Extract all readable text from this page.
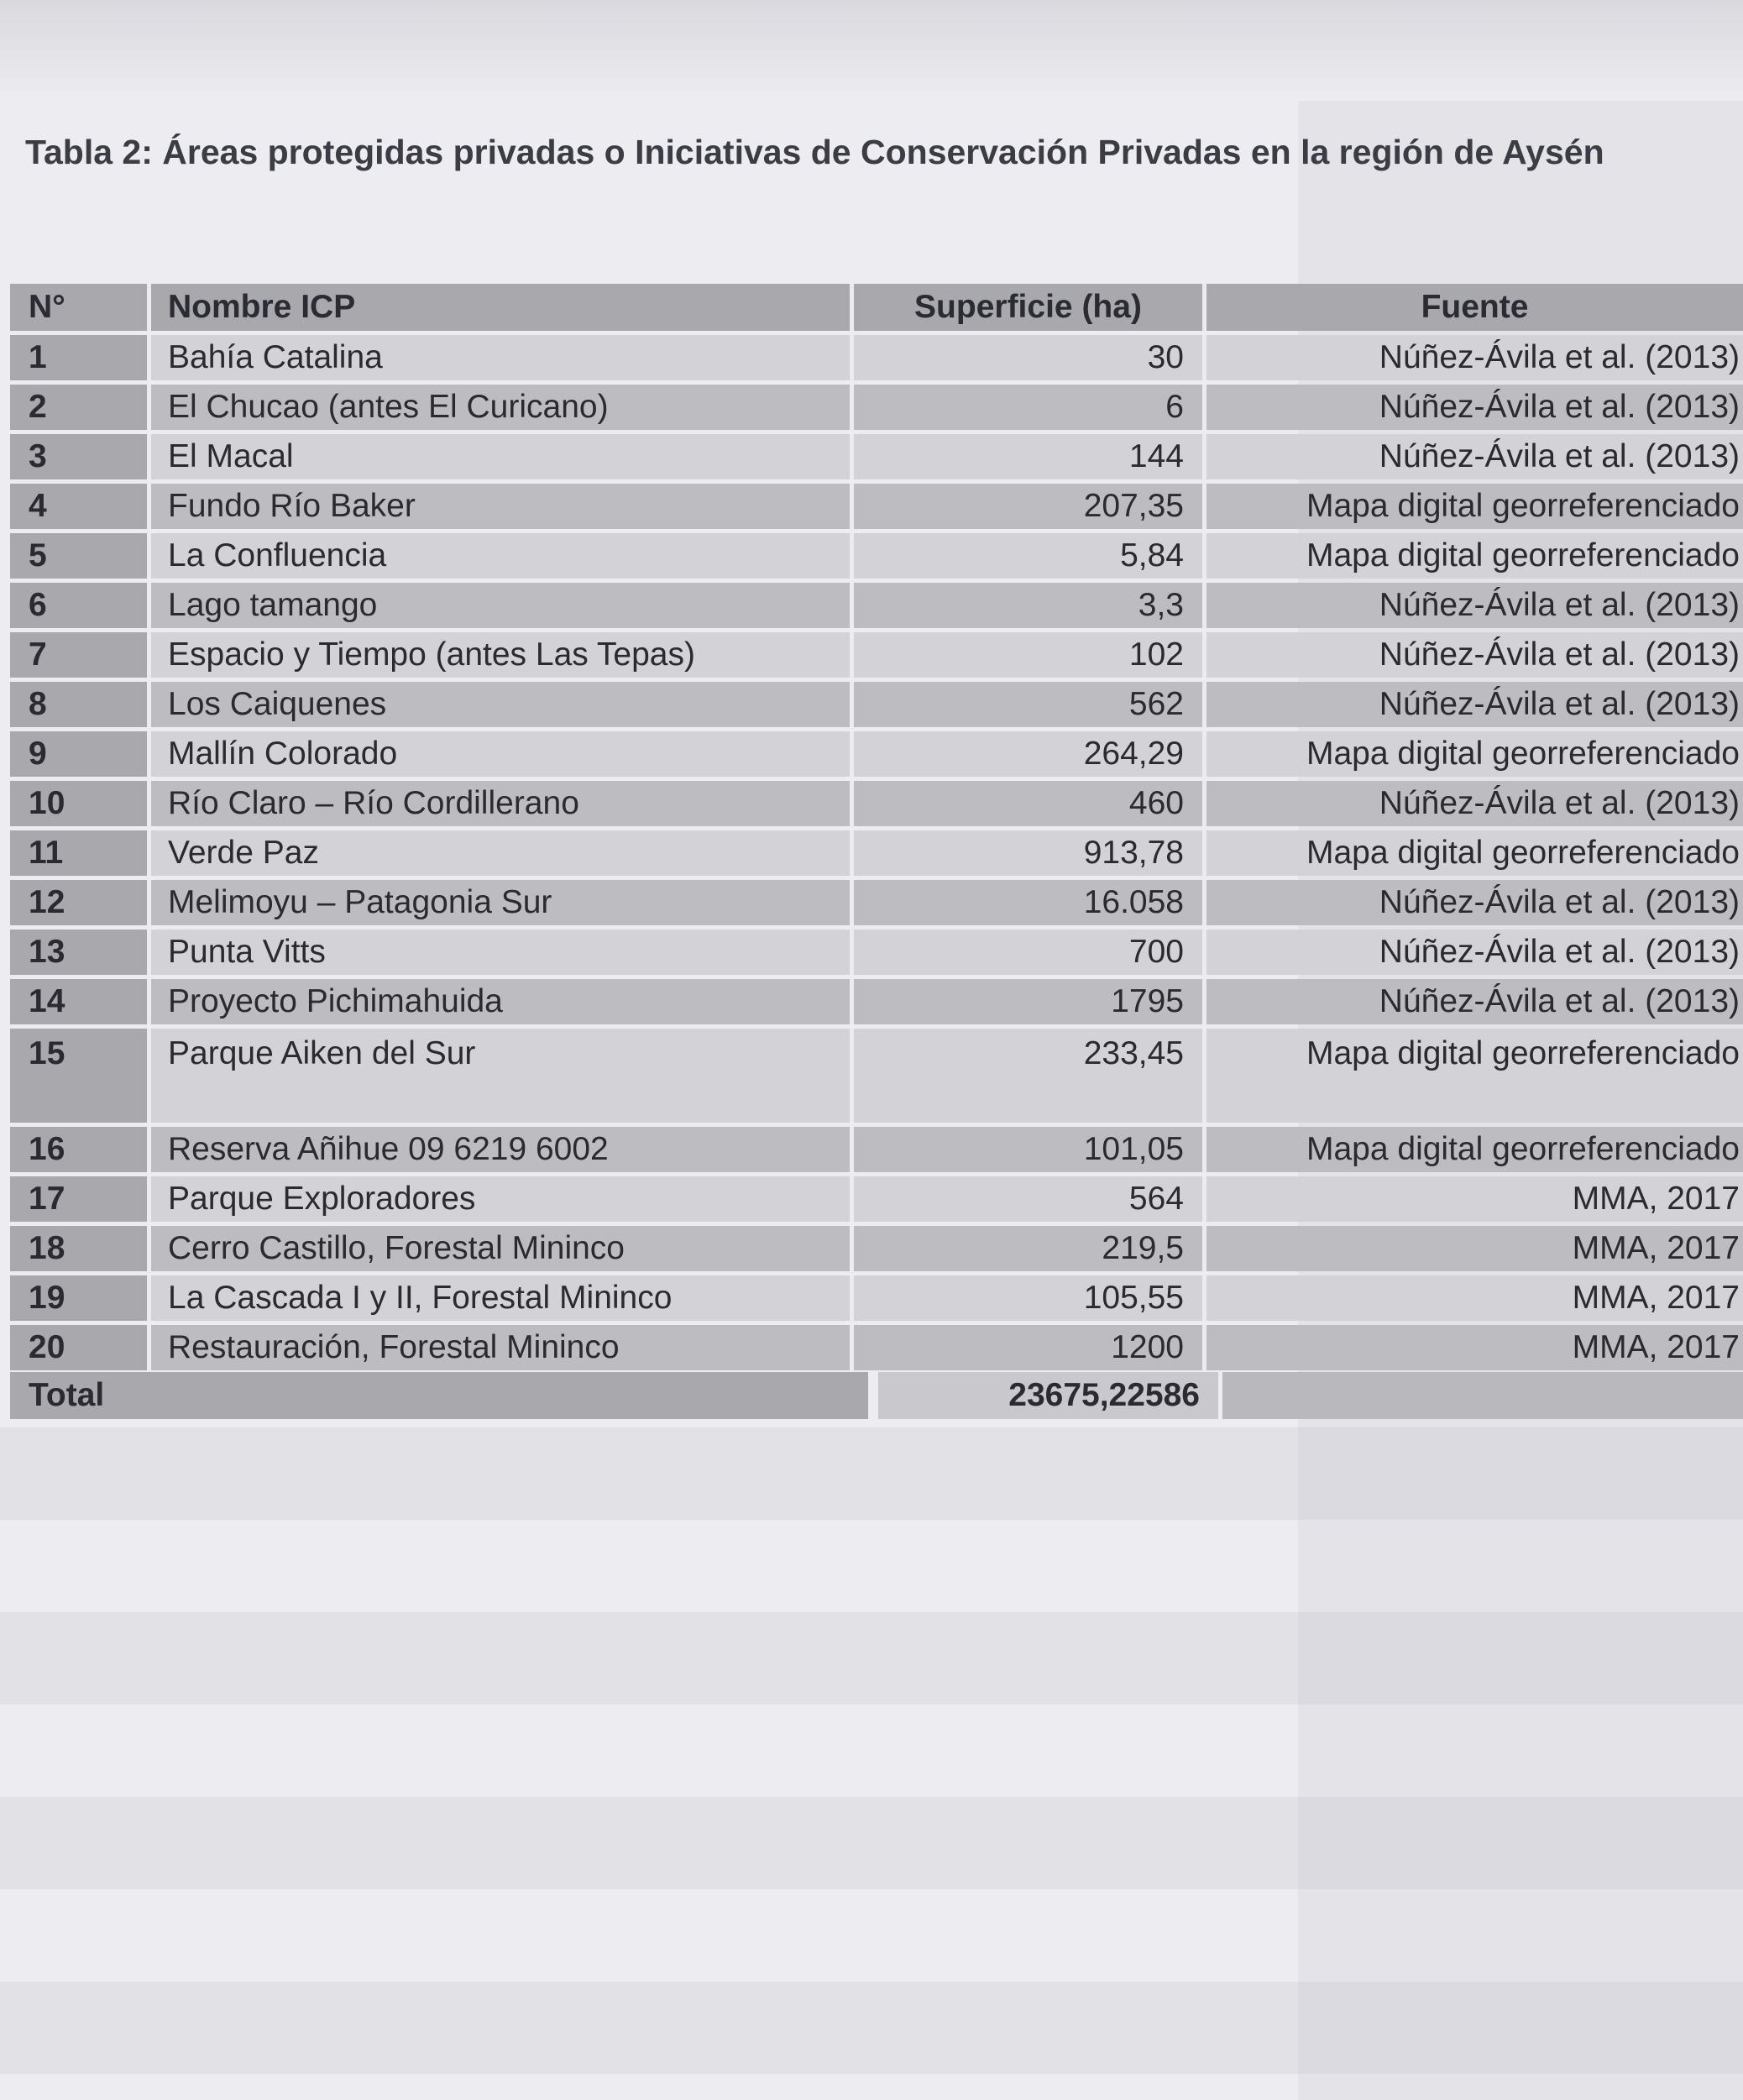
Tabla 2: Áreas protegidas privadas o Iniciativas de Conservación Privadas en la región de Aysén
N°	Nombre ICP	Superficie (ha)	Fuente
1	Bahía Catalina	30	Núñez-Ávila et al. (2013)
2	El Chucao (antes El Curicano)	6	Núñez-Ávila et al. (2013)
3	El Macal	144	Núñez-Ávila et al. (2013)
4	Fundo Río Baker	207,35	Mapa digital georreferenciado
5	La Confluencia	5,84	Mapa digital georreferenciado
6	Lago tamango	3,3	Núñez-Ávila et al. (2013)
7	Espacio y Tiempo (antes Las Tepas)	102	Núñez-Ávila et al. (2013)
8	Los Caiquenes	562	Núñez-Ávila et al. (2013)
9	Mallín Colorado	264,29	Mapa digital georreferenciado
10	Río Claro – Río Cordillerano	460	Núñez-Ávila et al. (2013)
11	Verde Paz	913,78	Mapa digital georreferenciado
12	Melimoyu – Patagonia Sur	16.058	Núñez-Ávila et al. (2013)
13	Punta Vitts	700	Núñez-Ávila et al. (2013)
14	Proyecto Pichimahuida	1795	Núñez-Ávila et al. (2013)
15	Parque Aiken del Sur	233,45	Mapa digital georreferenciado
16	Reserva Añihue 09 6219 6002	101,05	Mapa digital georreferenciado
17	Parque Exploradores	564	MMA, 2017
18	Cerro Castillo, Forestal Mininco	219,5	MMA, 2017
19	La Cascada I y II, Forestal Mininco	105,55	MMA, 2017
20	Restauración, Forestal Mininco	1200	MMA, 2017
Total	23675,22586
